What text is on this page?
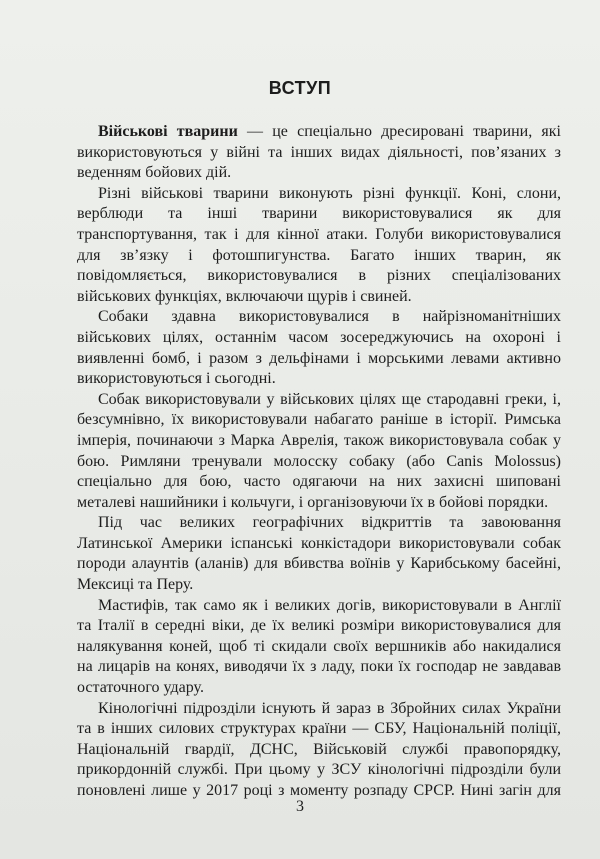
ВСТУП
Військові тварини — це спеціально дресировані тварини, які
використовуються у війні та інших видах діяльності, пов’язаних з
веденням бойових дій.
Різні військові тварини виконують різні функції. Коні, слони,
верблюди та інші тварини використовувалися як для
транспортування, так і для кінної атаки. Голуби використовувалися
для зв’язку і фотошпигунства. Багато інших тварин, як
повідомляється, використовувалися в різних спеціалізованих
військових функціях, включаючи щурів і свиней.
Собаки здавна використовувалися в найрізноманітніших
військових цілях, останнім часом зосереджуючись на охороні і
виявленні бомб, і разом з дельфінами і морськими левами активно
використовуються і сьогодні.
Собак використовували у військових цілях ще стародавні греки, і,
безсумнівно, їх використовували набагато раніше в історії. Римська
імперія, починаючи з Марка Аврелія, також використовувала собак у
бою. Римляни тренували молосску собаку (або Canis Molossus)
спеціально для бою, часто одягаючи на них захисні шиповані
металеві нашийники і кольчуги, і організовуючи їх в бойові порядки.
Під час великих географічних відкриттів та завоювання
Латинської Америки іспанські конкістадори використовували собак
породи алаунтів (аланів) для вбивства воїнів у Карибському басейні,
Мексиці та Перу.
Мастифів, так само як і великих догів, використовували в Англії
та Італії в середні віки, де їх великі розміри використовувалися для
налякування коней, щоб ті скидали своїх вершників або накидалися
на лицарів на конях, виводячи їх з ладу, поки їх господар не завдавав
остаточного удару.
Кінологічні підрозділи існують й зараз в Збройних силах України
та в інших силових структурах країни — СБУ, Національній поліції,
Національній гвардії, ДСНС, Військовій службі правопорядку,
прикордонній службі. При цьому у ЗСУ кінологічні підрозділи були
поновлені лише у 2017 році з моменту розпаду СРСР. Нині загін для
3
